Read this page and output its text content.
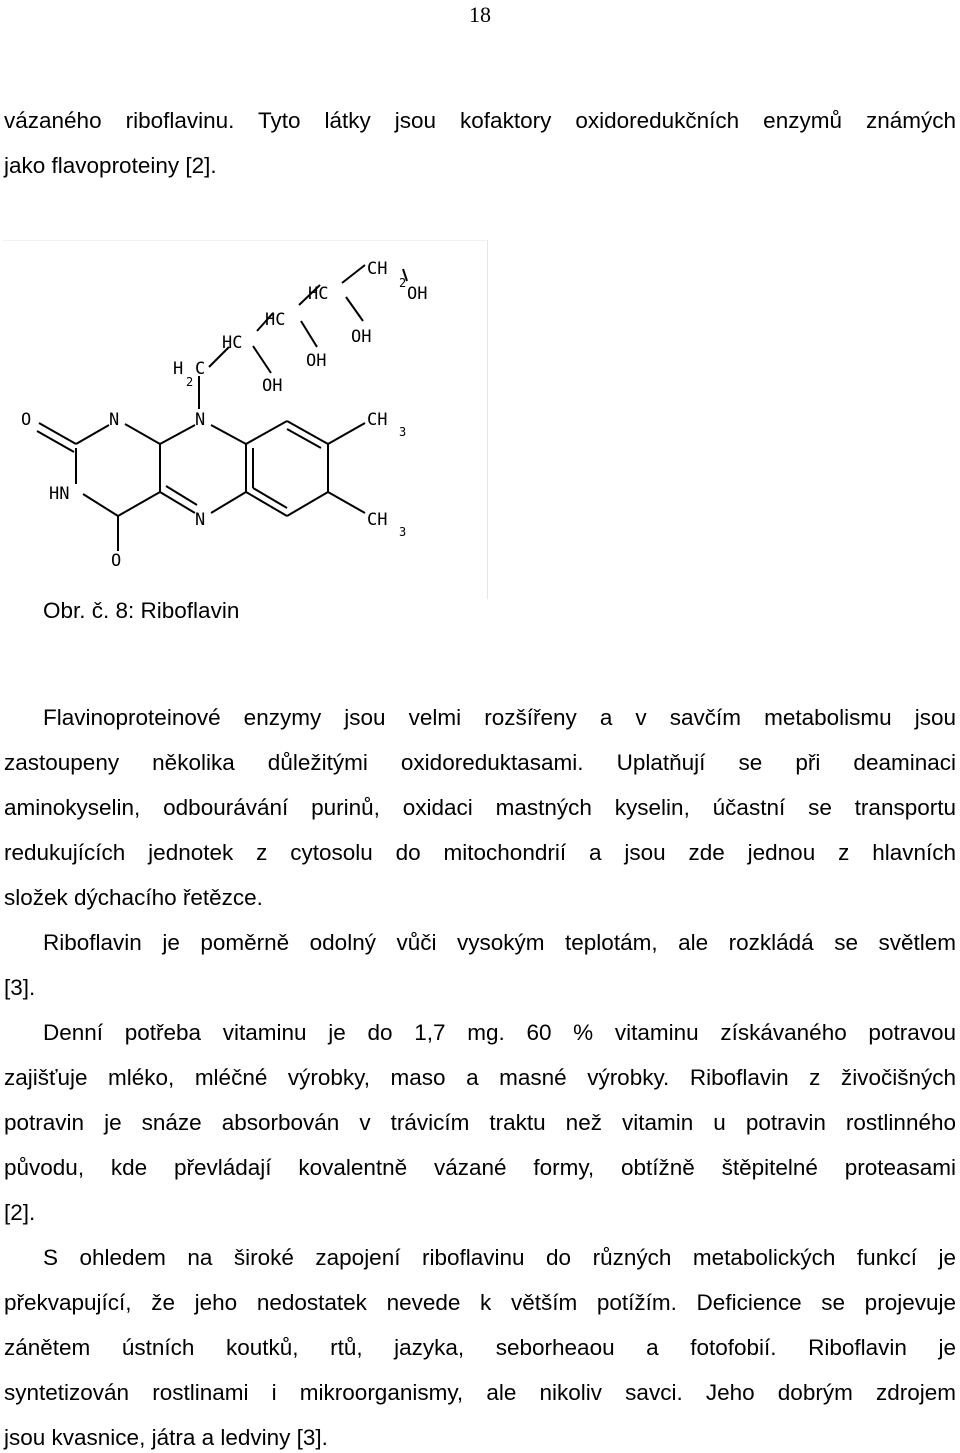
18
vázaného riboflavinu. Tyto látky jsou kofaktory oxidoredukčních enzymů známých
jako flavoproteiny [2].
CH
2
OH
HC
OH
HC
OH
HC
OH
H
2
C
O	N	N	CH
3
HN
N	CH
3
O
Obr. č. 8: Riboflavin
Flavinoproteinové enzymy jsou velmi rozšířeny a v savčím metabolismu jsou
zastoupeny několika důležitými oxidoreduktasami. Uplatňují se při deaminaci
aminokyselin, odbourávání purinů, oxidaci mastných kyselin, účastní se transportu
redukujících jednotek z cytosolu do mitochondrií a jsou zde jednou z hlavních
složek dýchacího řetězce.
Riboflavin je poměrně odolný vůči vysokým teplotám, ale rozkládá se světlem
[3].
Denní potřeba vitaminu je do 1,7 mg. 60 % vitaminu získávaného potravou
zajišťuje mléko, mléčné výrobky, maso a masné výrobky. Riboflavin z živočišných
potravin je snáze absorbován v trávicím traktu než vitamin u potravin rostlinného
původu, kde převládají kovalentně vázané formy, obtížně štěpitelné proteasami
[2].
S ohledem na široké zapojení riboflavinu do různých metabolických funkcí je
překvapující, že jeho nedostatek nevede k větším potížím. Deficience se projevuje
zánětem ústních koutků, rtů, jazyka, seborheaou a fotofobií. Riboflavin je
syntetizován rostlinami i mikroorganismy, ale nikoliv savci. Jeho dobrým zdrojem
jsou kvasnice, játra a ledviny [3].
